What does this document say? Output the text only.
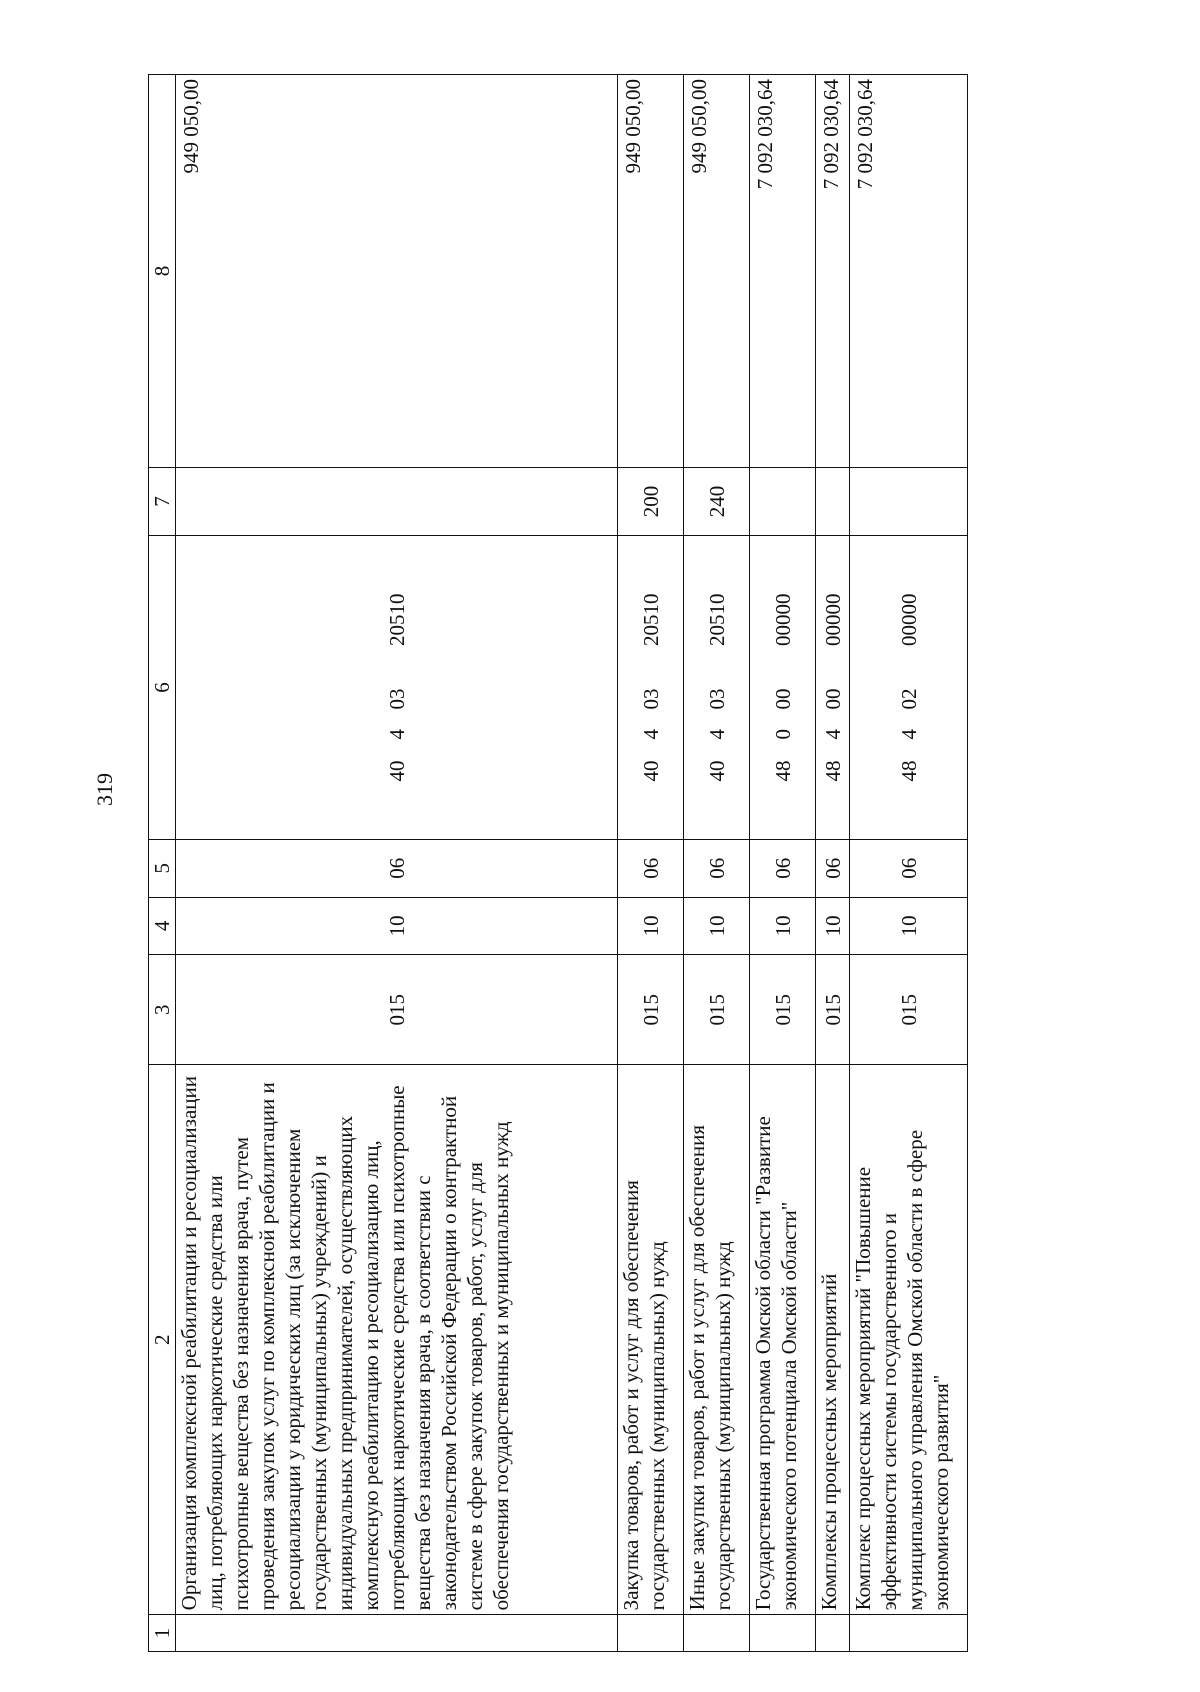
319
1	2	3	4	5	6	7	8
	Организация комплексной реабилитации и ресоциализации лиц, потребляющих наркотические средства или психотропные вещества без назначения врача, путем проведения закупок услуг по комплексной реабилитации и ресоциализации у юридических лиц (за исключением государственных (муниципальных) учреждений) и индивидуальных предпринимателей, осуществляющих комплексную реабилитацию и ресоциализацию лиц, потребляющих наркотические средства или психотропные вещества без назначения врача, в соответствии с законодательством Российской Федерации о контрактной системе в сфере закупок товаров, работ, услуг для обеспечения государственных и муниципальных нужд	015	10	06	4040320510		949 050,00
	Закупка товаров, работ и услуг для обеспечения государственных (муниципальных) нужд	015	10	06	4040320510	200	949 050,00
	Иные закупки товаров, работ и услуг для обеспечения государственных (муниципальных) нужд	015	10	06	4040320510	240	949 050,00
	Государственная программа Омской области "Развитие экономического потенциала Омской области"	015	10	06	4800000000		7 092 030,64
	Комплексы процессных мероприятий	015	10	06	4840000000		7 092 030,64
	Комплекс процессных мероприятий "Повышение эффективности системы государственного и муниципального управления Омской области в сфере экономического развития"	015	10	06	4840200000		7 092 030,64
